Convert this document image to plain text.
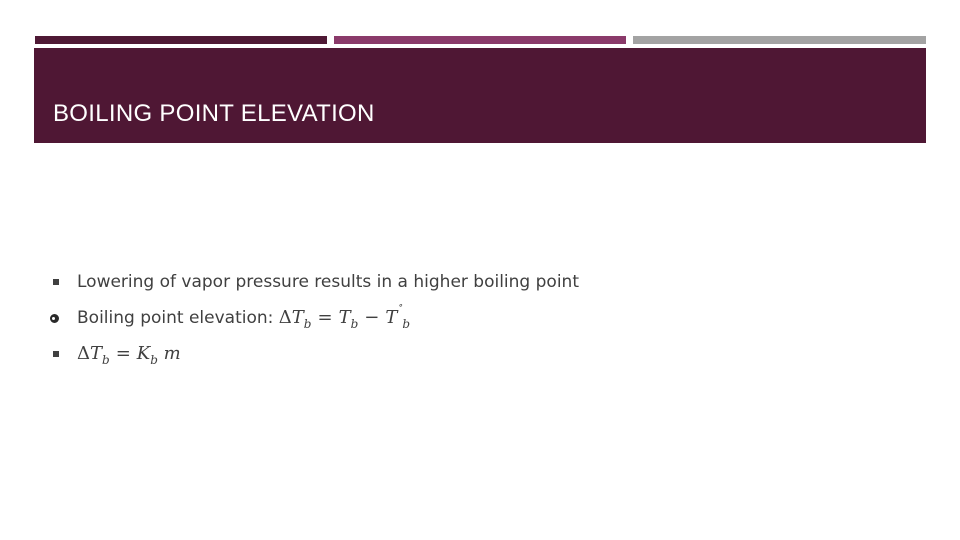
BOILING POINT ELEVATION
Lowering of vapor pressure results in a higher boiling point
Boiling point elevation: $\Delta T_b = T_b - T^˚_b$
$\Delta T_b = K_b$ m
